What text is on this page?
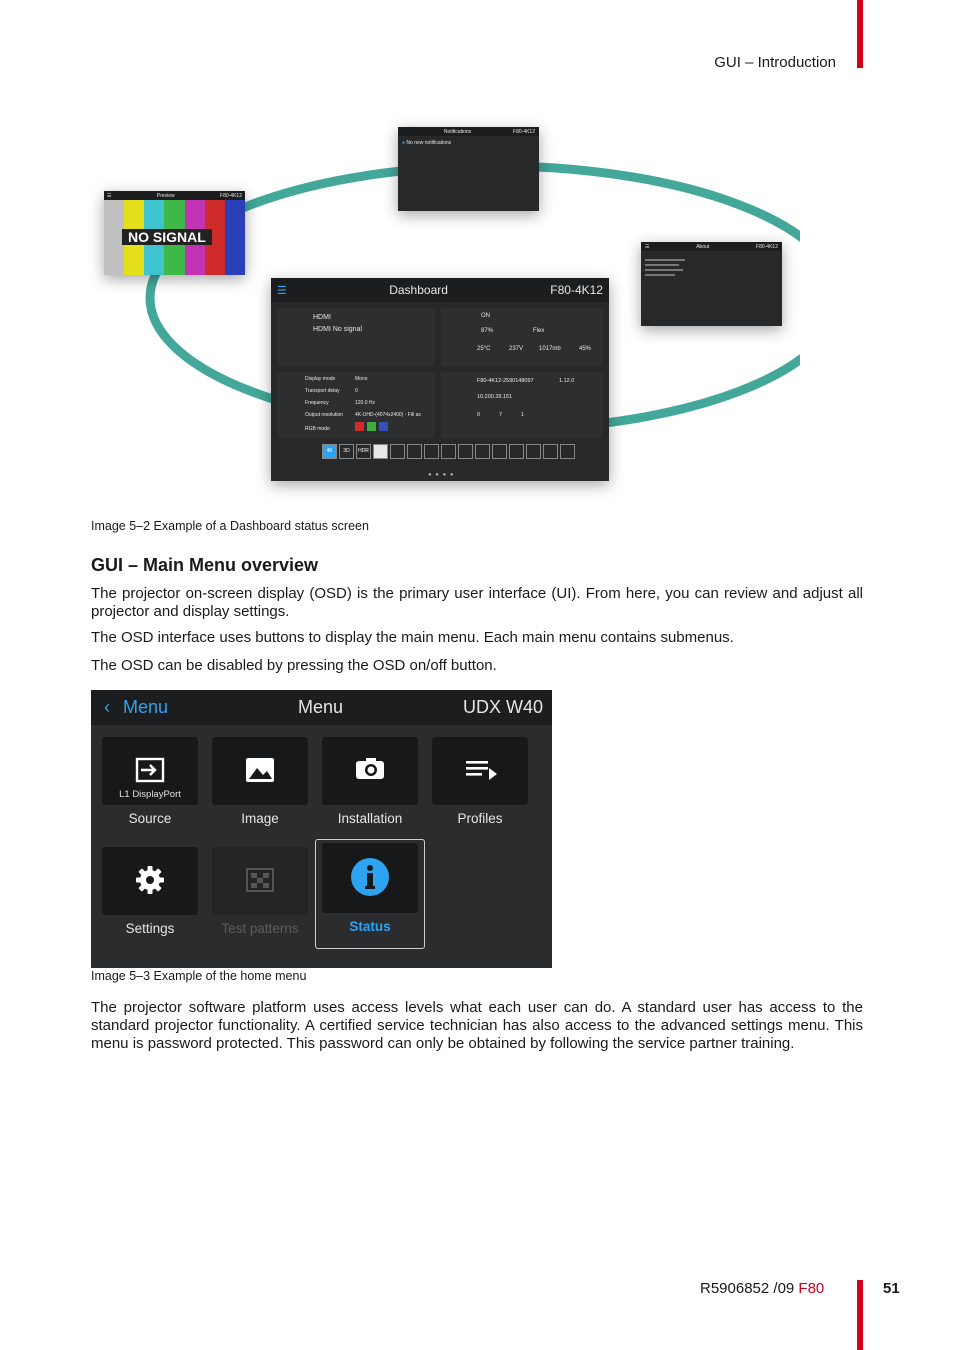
GUI – Introduction
☰	Preview	F80-4K12
NO SIGNAL
Notifications	F80-4K12
● No new notifications
☰	About	F80-4K12
☰	Dashboard	F80-4K12
HDMI
HDMI No signal
ON
87%	Flex
25°C	237V	1017mb	45%
Display mode	Mono
Transport delay	0
Frequency	120.0 Hz
Output resolution 4K-UHD-(4074x2400) · Fill as
RGB mode
F80-4K12-2590148097	1.12.0
10.200.28.151
0	7	1
4K	3D	HDR
● ● ● ●
Image 5–2 Example of a Dashboard status screen
GUI – Main Menu overview

The projector on-screen display (OSD) is the primary user interface (UI). From here, you can review and adjust all projector and display settings.

The OSD interface uses buttons to display the main menu. Each main menu contains submenus.

The OSD can be disabled by pressing the OSD on/off button.

‹ Menu	Menu	UDX W40
L1 DisplayPort
Source	Image	Installation	Profiles
Settings	Test patterns	Status
Image 5–3 Example of the home menu

The projector software platform uses access levels what each user can do. A standard user has access to the standard projector functionality. A certified service technician has also access to the advanced settings menu. This menu is password protected. This password can only be obtained by following the service partner training.

R5906852 /09 F80	51
